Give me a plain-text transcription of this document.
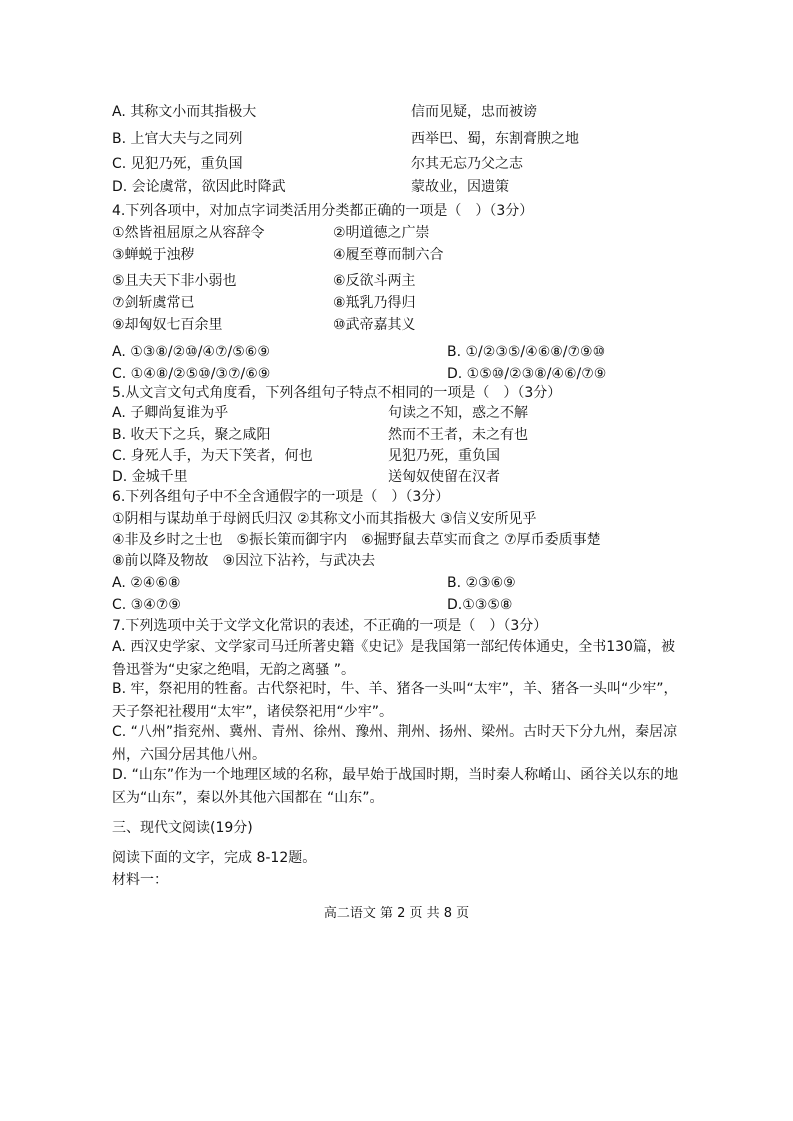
A. 其称文小而其指极大	信而见疑，忠而被谤
B. 上官大夫与之同列	西举巴、蜀，东割膏腴之地
C. 见犯乃死，重负国	尔其无忘乃父之志
D. 会论虞常，欲因此时降武	蒙故业，因遗策
4.下列各项中，对加点字词类活用分类都正确的一项是（　）（3分）
①然皆祖屈原之从容辞令	②明道德之广崇
③蝉蜕于浊秽	④履至尊而制六合
⑤且夫天下非小弱也	⑥反欲斗两主
⑦剑斩虞常已	⑧羝乳乃得归
⑨却匈奴七百余里	⑩武帝嘉其义
A. ①③⑧/②⑩/④⑦/⑤⑥⑨	B. ①/②③⑤/④⑥⑧/⑦⑨⑩
C. ①④⑧/②⑤⑩/③⑦/⑥⑨	D. ①⑤⑩/②③⑧/④⑥/⑦⑨
5.从文言文句式角度看，下列各组句子特点不相同的一项是（　）（3分）
A. 子卿尚复谁为乎	句读之不知，惑之不解
B. 收天下之兵，聚之咸阳	然而不王者，未之有也
C. 身死人手，为天下笑者，何也	见犯乃死，重负国
D. 金城千里	送匈奴使留在汉者
6.下列各组句子中不全含通假字的一项是（　）（3分）
①阴相与谋劫单于母阏氏归汉 ②其称文小而其指极大 ③信义安所见乎
④非及乡时之士也　⑤振长策而御宇内　⑥掘野鼠去草实而食之 ⑦厚币委质事楚
⑧前以降及物故　⑨因泣下沾衿，与武决去
A. ②④⑥⑧	B. ②③⑥⑨
C. ③④⑦⑨	D.①③⑤⑧
7.下列选项中关于文学文化常识的表述，不正确的一项是（　）（3分）
A. 西汉史学家、文学家司马迁所著史籍《史记》是我国第一部纪传体通史，全书130篇，被鲁迅誉为“史家之绝唱，无韵之离骚 ”。
B. 牢，祭祀用的牲畜。古代祭祀时，牛、羊、猪各一头叫“太牢”，羊、猪各一头叫“少牢”，天子祭祀社稷用“太牢”，诸侯祭祀用“少牢”。
C. “八州”指兖州、冀州、青州、徐州、豫州、荆州、扬州、梁州。古时天下分九州，秦居凉州，六国分居其他八州。
D. “山东”作为一个地理区域的名称，最早始于战国时期，当时秦人称崤山、函谷关以东的地区为“山东”，秦以外其他六国都在 “山东”。
三、现代文阅读(19分)
阅读下面的文字，完成 8-12题。
材料一：
高二语文 第 2 页 共 8 页
